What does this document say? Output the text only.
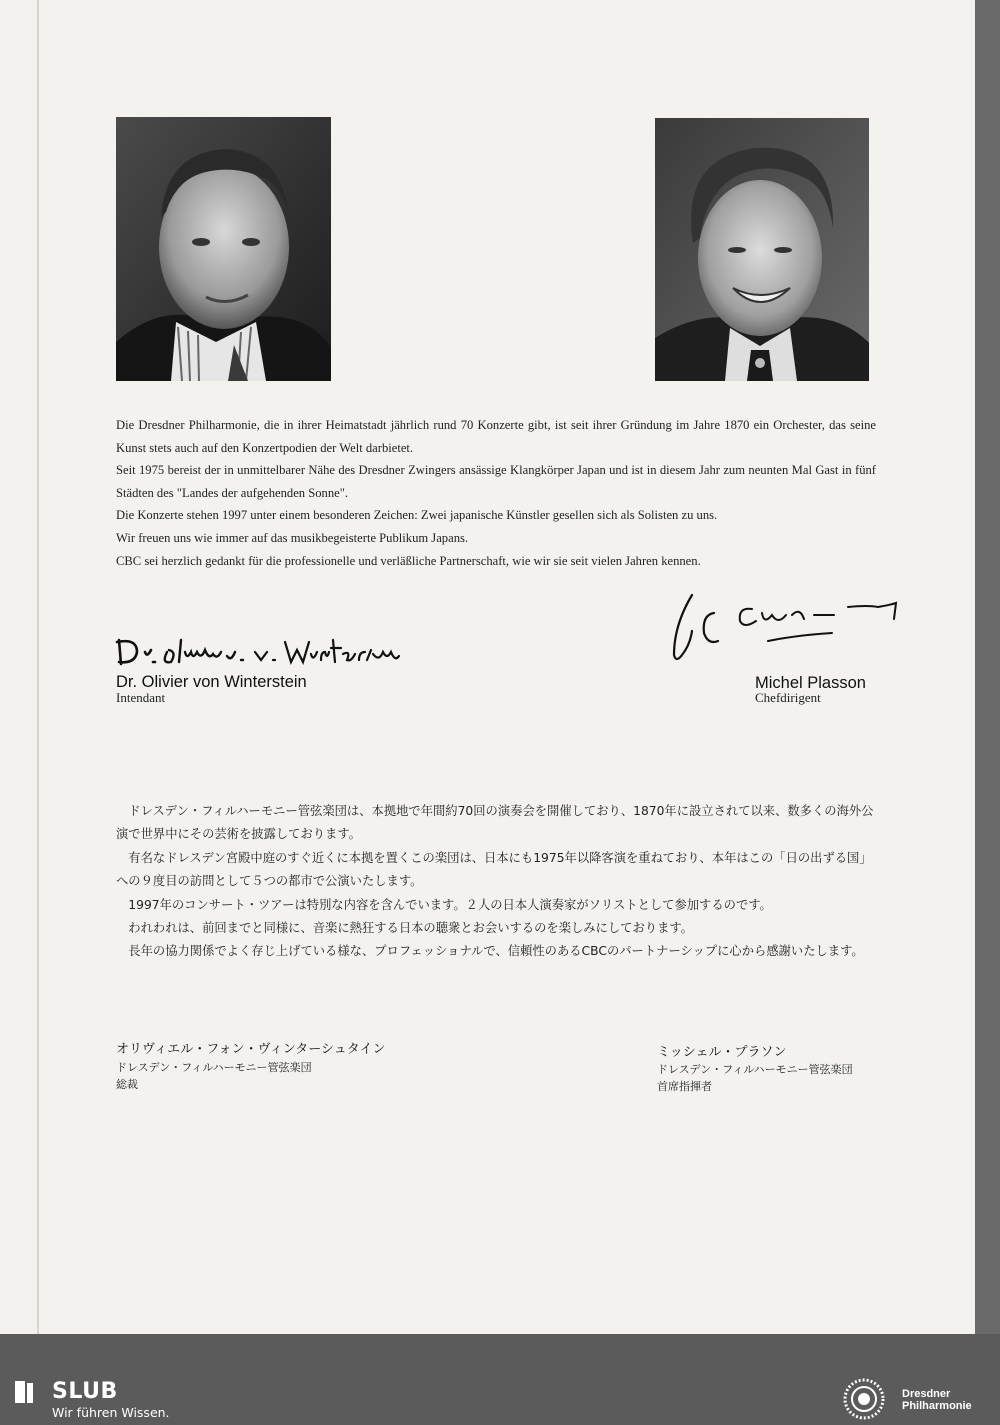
Die Dresdner Philharmonie, die in ihrer Heimatstadt jährlich rund 70 Konzerte gibt, ist seit ihrer Gründung im Jahre 1870 ein Orchester, das seine Kunst stets auch auf den Konzertpodien der Welt darbietet.

Seit 1975 bereist der in unmittelbarer Nähe des Dresdner Zwingers ansässige Klangkörper Japan und ist in diesem Jahr zum neunten Mal Gast in fünf Städten des "Landes der aufgehenden Sonne".

Die Konzerte stehen 1997 unter einem besonderen Zeichen: Zwei japanische Künstler gesellen sich als Solisten zu uns.

Wir freuen uns wie immer auf das musikbegeisterte Publikum Japans.

CBC sei herzlich gedankt für die professionelle und verläßliche Partnerschaft, wie wir sie seit vielen Jahren kennen.

Dr. Olivier von Winterstein
Intendant
Michel Plasson
Chefdirigent

ドレスデン・フィルハーモニー管弦楽団は、本拠地で年間約70回の演奏会を開催しており、1870年に設立されて以来、数多くの海外公演で世界中にその芸術を披露しております。

有名なドレスデン宮殿中庭のすぐ近くに本拠を置くこの楽団は、日本にも1975年以降客演を重ねており、本年はこの「日の出ずる国」への９度目の訪問として５つの都市で公演いたします。

1997年のコンサート・ツアーは特別な内容を含んでいます。２人の日本人演奏家がソリストとして参加するのです。

われわれは、前回までと同様に、音楽に熱狂する日本の聴衆とお会いするのを楽しみにしております。

長年の協力関係でよく存じ上げている様な、プロフェッショナルで、信頼性のあるCBCのパートナーシップに心から感謝いたします。

オリヴィエル・フォン・ヴィンターシュタイン
ドレスデン・フィルハーモニー管弦楽団
総裁
ミッシェル・プラソン
ドレスデン・フィルハーモニー管弦楽団
首席指揮者
SLUB
Wir führen Wissen.
Dresdner
Philharmonie
